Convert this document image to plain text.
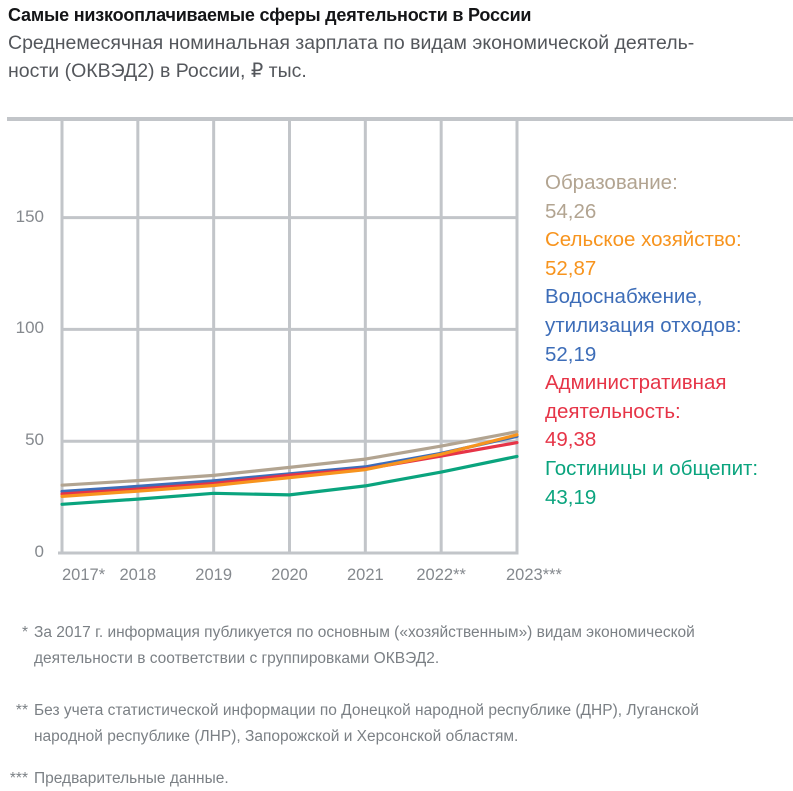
0
50
100
150
2017* 2018 2019 2020 2021 2022** 2023***
Образование:
54,26
Сельское хозяйство:
52,87
Водоснабжение,
утилизация отходов:
52,19
Административная
деятельность:
49,38
Гостиницы и общепит:
43,19
Самые низкооплачиваемые сферы деятельности в России

Среднемесячная номинальная зарплата по видам экономической деятель-
ности (ОКВЭД2) в России, ₽ тыс.

* За 2017 г. информация публикуется по основным («хозяйственным») видам экономической деятельности в соответствии с группировками ОКВЭД2.
** Без учета статистической информации по Донецкой народной республике (ДНР), Луганской народной республике (ЛНР), Запорожской и Херсонской областям.
*** Предварительные данные.
